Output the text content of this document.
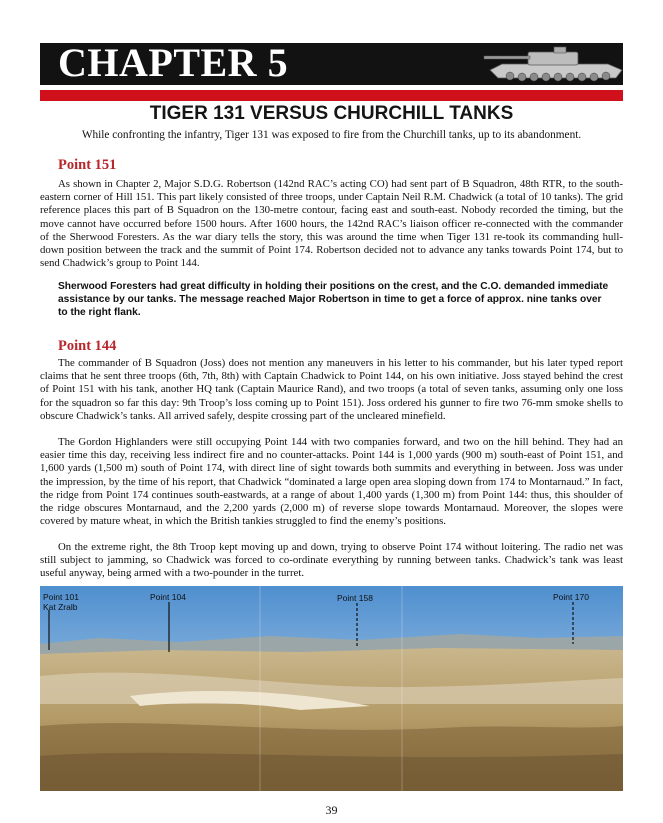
CHAPTER 5
TIGER 131 VERSUS CHURCHILL TANKS
While confronting the infantry, Tiger 131 was exposed to fire from the Churchill tanks, up to its abandonment.
Point 151

As shown in Chapter 2, Major S.D.G. Robertson (142nd RAC’s acting CO) had sent part of B Squadron, 48th RTR, to the south-eastern corner of Hill 151. This part likely consisted of three troops, under Captain Neil R.M. Chadwick (a total of 10 tanks). The grid reference places this part of B Squadron on the 130-metre contour, facing east and south-east. Nobody recorded the timing, but the move cannot have occurred before 1500 hours. After 1600 hours, the 142nd RAC’s liaison officer re-connected with the commander of the Sherwood Foresters. As the war diary tells the story, this was around the time when Tiger 131 re-took its commanding hull-down position between the track and the summit of Point 174. Robertson decided not to advance any tanks towards Point 174, but to send Chadwick’s group to Point 144.

Sherwood Foresters had great difficulty in holding their positions on the crest, and the C.O. demanded immediate assistance by our tanks. The message reached Major Robertson in time to get a force of approx. nine tanks over to the right flank.

Point 144

The commander of B Squadron (Joss) does not mention any maneuvers in his letter to his commander, but his later typed report claims that he sent three troops (6th, 7th, 8th) with Captain Chadwick to Point 144, on his own initiative. Joss stayed behind the crest of Point 151 with his tank, another HQ tank (Captain Maurice Rand), and two troops (a total of seven tanks, assuming only one loss for the squadron so far this day: 9th Troop’s loss coming up to Point 151). Joss ordered his gunner to fire two 76-mm smoke shells to obscure Chadwick’s tanks. All arrived safely, despite crossing part of the uncleared minefield.

The Gordon Highlanders were still occupying Point 144 with two companies forward, and two on the hill behind. They had an easier time this day, receiving less indirect fire and no counter-attacks. Point 144 is 1,000 yards (900 m) south-east of Point 151, and 1,600 yards (1,500 m) south of Point 174, with direct line of sight towards both summits and everything in between. Joss was under the impression, by the time of his report, that Chadwick “dominated a large open area sloping down from 174 to Montarnaud.” In fact, the ridge from Point 174 continues south-eastwards, at a range of about 1,400 yards (1,300 m) from Point 144: thus, this shoulder of the ridge obscures Montarnaud, and the 2,200 yards (2,000 m) of reverse slope towards Montarnaud. Moreover, the slopes were covered by mature wheat, in which the British tankies struggled to find the enemy’s positions.

On the extreme right, the 8th Troop kept moving up and down, trying to observe Point 174 without loitering. The radio net was still subject to jamming, so Chadwick was forced to co-ordinate everything by running between tanks. Chadwick’s tank was least useful anyway, being armed with a two-pounder in the turret.

Point 101
Kat Zralb
Point 104	Point 158	Point 170
39
